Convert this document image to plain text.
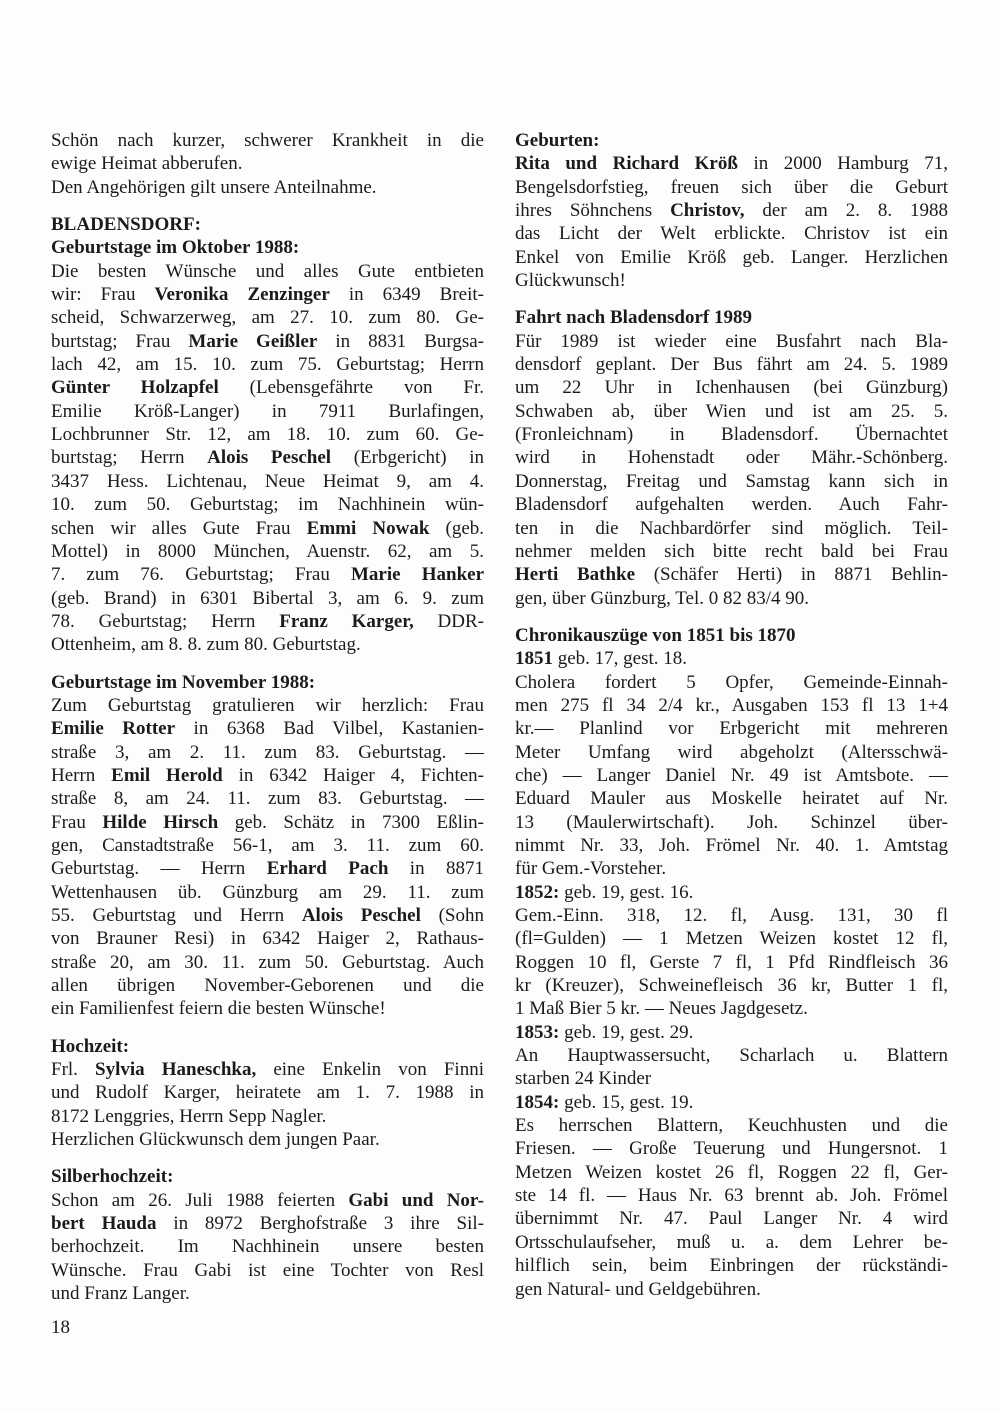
Schön nach kurzer, schwerer Krankheit in die
ewige Heimat abberufen.
Den Angehörigen gilt unsere Anteilnahme.
BLADENSDORF:
Geburtstage im Oktober 1988:
Die besten Wünsche und alles Gute entbieten
wir: Frau Veronika Zenzinger in 6349 Breit-
scheid, Schwarzerweg, am 27. 10. zum 80. Ge-
burtstag; Frau Marie Geißler in 8831 Burgsa-
lach 42, am 15. 10. zum 75. Geburtstag; Herrn
Günter Holzapfel (Lebensgefährte von Fr.
Emilie Kröß-Langer) in 7911 Burlafingen,
Lochbrunner Str. 12, am 18. 10. zum 60. Ge-
burtstag; Herrn Alois Peschel (Erbgericht) in
3437 Hess. Lichtenau, Neue Heimat 9, am 4.
10. zum 50. Geburtstag; im Nachhinein wün-
schen wir alles Gute Frau Emmi Nowak (geb.
Mottel) in 8000 München, Auenstr. 62, am 5.
7. zum 76. Geburtstag; Frau Marie Hanker
(geb. Brand) in 6301 Bibertal 3, am 6. 9. zum
78. Geburtstag; Herrn Franz Karger, DDR-
Ottenheim, am 8. 8. zum 80. Geburtstag.
Geburtstage im November 1988:
Zum Geburtstag gratulieren wir herzlich: Frau
Emilie Rotter in 6368 Bad Vilbel, Kastanien-
straße 3, am 2. 11. zum 83. Geburtstag. —
Herrn Emil Herold in 6342 Haiger 4, Fichten-
straße 8, am 24. 11. zum 83. Geburtstag. —
Frau Hilde Hirsch geb. Schätz in 7300 Eßlin-
gen, Canstadtstraße 56-1, am 3. 11. zum 60.
Geburtstag. — Herrn Erhard Pach in 8871
Wettenhausen üb. Günzburg am 29. 11. zum
55. Geburtstag und Herrn Alois Peschel (Sohn
von Brauner Resi) in 6342 Haiger 2, Rathaus-
straße 20, am 30. 11. zum 50. Geburtstag. Auch
allen übrigen November-Geborenen und die
ein Familienfest feiern die besten Wünsche!
Hochzeit:
Frl. Sylvia Haneschka, eine Enkelin von Finni
und Rudolf Karger, heiratete am 1. 7. 1988 in
8172 Lenggries, Herrn Sepp Nagler.
Herzlichen Glückwunsch dem jungen Paar.
Silberhochzeit:
Schon am 26. Juli 1988 feierten Gabi und Nor-
bert Hauda in 8972 Berghofstraße 3 ihre Sil-
berhochzeit. Im Nachhinein unsere besten
Wünsche. Frau Gabi ist eine Tochter von Resl
und Franz Langer.
Geburten:
Rita und Richard Kröß in 2000 Hamburg 71,
Bengelsdorfstieg, freuen sich über die Geburt
ihres Söhnchens Christov, der am 2. 8. 1988
das Licht der Welt erblickte. Christov ist ein
Enkel von Emilie Kröß geb. Langer. Herzlichen
Glückwunsch!
Fahrt nach Bladensdorf 1989
Für 1989 ist wieder eine Busfahrt nach Bla-
densdorf geplant. Der Bus fährt am 24. 5. 1989
um 22 Uhr in Ichenhausen (bei Günzburg)
Schwaben ab, über Wien und ist am 25. 5.
(Fronleichnam) in Bladensdorf. Übernachtet
wird in Hohenstadt oder Mähr.-Schönberg.
Donnerstag, Freitag und Samstag kann sich in
Bladensdorf aufgehalten werden. Auch Fahr-
ten in die Nachbardörfer sind möglich. Teil-
nehmer melden sich bitte recht bald bei Frau
Herti Bathke (Schäfer Herti) in 8871 Behlin-
gen, über Günzburg, Tel. 0 82 83/4 90.
Chronikauszüge von 1851 bis 1870
1851 geb. 17, gest. 18.
Cholera fordert 5 Opfer, Gemeinde-Einnah-
men 275 fl 34 2/4 kr., Ausgaben 153 fl 13 1+4
kr.— Planlind vor Erbgericht mit mehreren
Meter Umfang wird abgeholzt (Altersschwä-
che) — Langer Daniel Nr. 49 ist Amtsbote. —
Eduard Mauler aus Moskelle heiratet auf Nr.
13 (Maulerwirtschaft). Joh. Schinzel über-
nimmt Nr. 33, Joh. Frömel Nr. 40. 1. Amtstag
für Gem.-Vorsteher.
1852: geb. 19, gest. 16.
Gem.-Einn. 318, 12. fl, Ausg. 131, 30 fl
(fl=Gulden) — 1 Metzen Weizen kostet 12 fl,
Roggen 10 fl, Gerste 7 fl, 1 Pfd Rindfleisch 36
kr (Kreuzer), Schweinefleisch 36 kr, Butter 1 fl,
1 Maß Bier 5 kr. — Neues Jagdgesetz.
1853: geb. 19, gest. 29.
An Hauptwassersucht, Scharlach u. Blattern
starben 24 Kinder
1854: geb. 15, gest. 19.
Es herrschen Blattern, Keuchhusten und die
Friesen. — Große Teuerung und Hungersnot. 1
Metzen Weizen kostet 26 fl, Roggen 22 fl, Ger-
ste 14 fl. — Haus Nr. 63 brennt ab. Joh. Frömel
übernimmt Nr. 47. Paul Langer Nr. 4 wird
Ortsschulaufseher, muß u. a. dem Lehrer be-
hilflich sein, beim Einbringen der rückständi-
gen Natural- und Geldgebühren.
18
